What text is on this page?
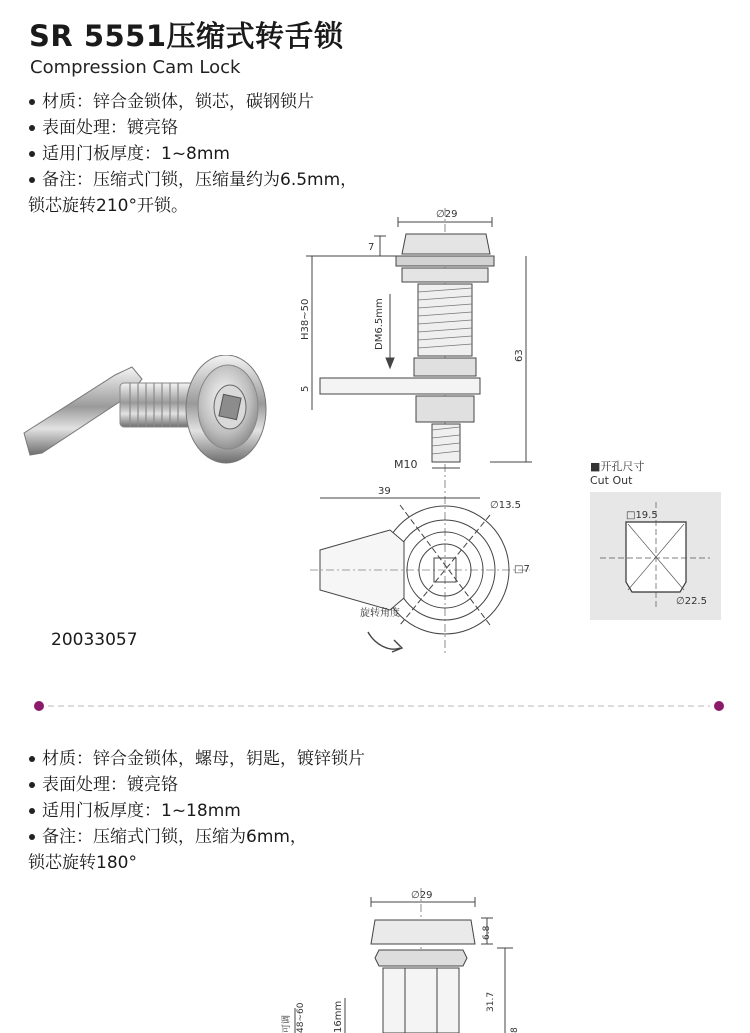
SR 5551压缩式转舌锁
Compression Cam Lock
材质：锌合金锁体，锁芯，碳钢锁片
表面处理：镀亮铬
适用门板厚度：1~8mm
备注：压缩式门锁，压缩量约为6.5mm，
锁芯旋转210°开锁。	∅29
7
H38~50	DM6.5mm
63
5
M10
39
∅13.5
□7
旋转角度
■开孔尺寸
Cut Out
□19.5
∅22.5
20033057
材质：锌合金锁体，螺母，钥匙，镀锌锁片
表面处理：镀亮铬
适用门板厚度：1~18mm
备注：压缩式门锁，压缩为6mm，
锁芯旋转180°
∅29
6.8
31.7
48~60
可调	16mm	8
